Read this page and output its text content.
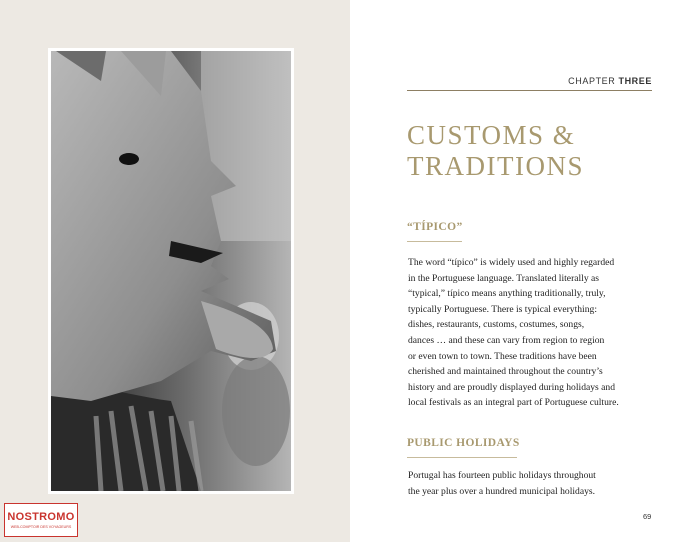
NOSTROMO
WEB-COMPTOIR DES VOYAGEURS
CHAPTER THREE
CUSTOMS &
TRADITIONS
“TÍPICO”
The word “típico” is widely used and highly regarded
in the Portuguese language. Translated literally as
“typical,” típico means anything traditionally, truly,
typically Portuguese. There is typical everything:
dishes, restaurants, customs, costumes, songs,
dances … and these can vary from region to region
or even town to town. These traditions have been
cherished and maintained throughout the country’s
history and are proudly displayed during holidays and
local festivals as an integral part of Portuguese culture.
PUBLIC HOLIDAYS
Portugal has fourteen public holidays throughout
the year plus over a hundred municipal holidays.
69
